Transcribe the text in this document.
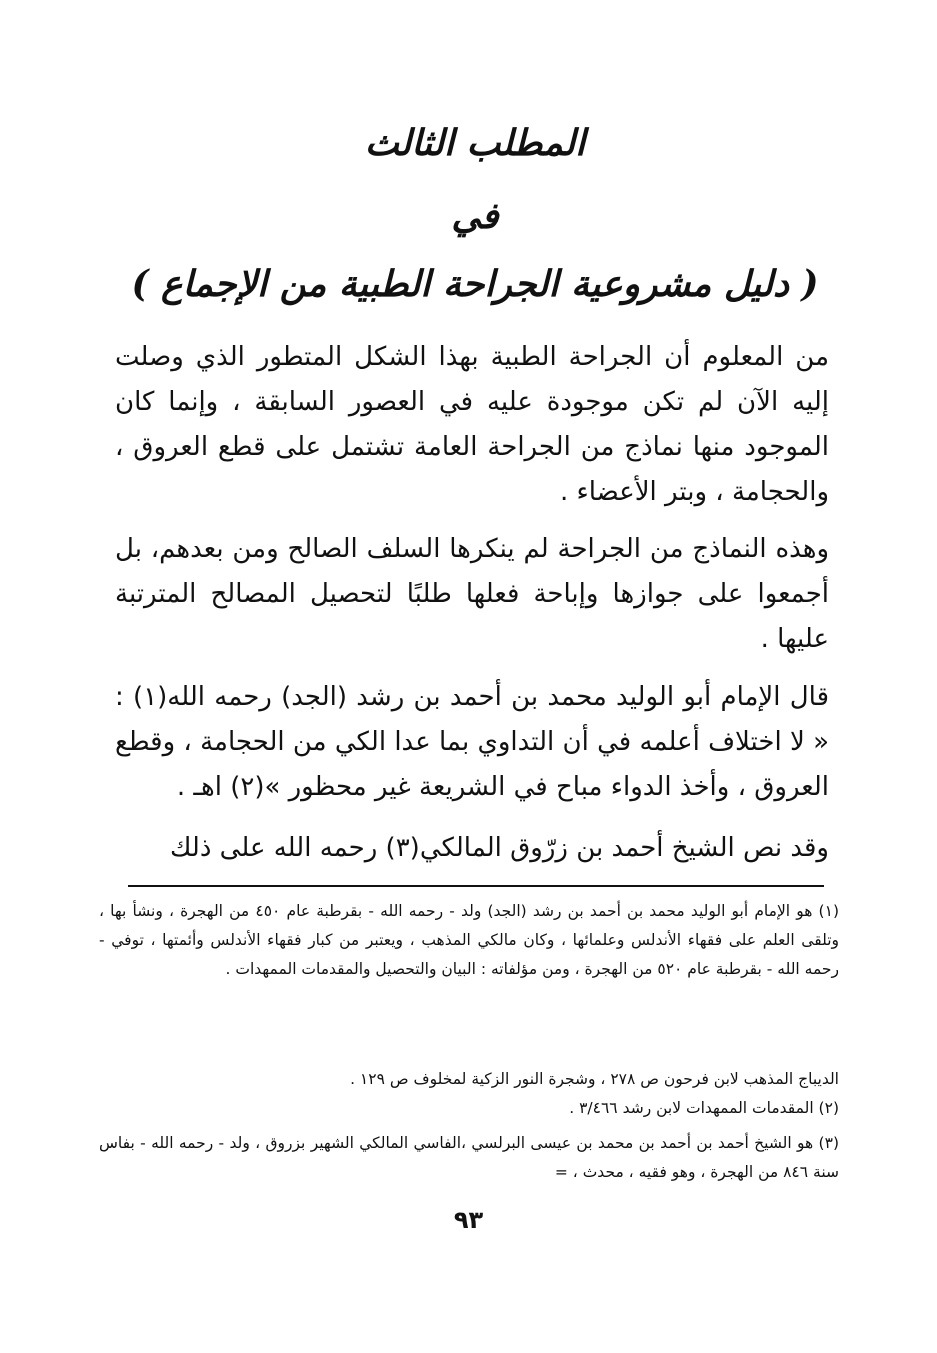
المطلب الثالث
في
( دليل مشروعية الجراحة الطبية من الإجماع )
من المعلوم أن الجراحة الطبية بهذا الشكل المتطور الذي وصلت إليه الآن لم تكن موجودة عليه في العصور السابقة ، وإنما كان الموجود منها نماذج من الجراحة العامة تشتمل على قطع العروق ، والحجامة ، وبتر الأعضاء .
وهذه النماذج من الجراحة لم ينكرها السلف الصالح ومن بعدهم، بل أجمعوا على جوازها وإباحة فعلها طلبًا لتحصيل المصالح المترتبة عليها .
قال الإمام أبو الوليد محمد بن أحمد بن رشد (الجد) رحمه الله(١) : « لا اختلاف أعلمه في أن التداوي بما عدا الكي من الحجامة ، وقطع العروق ، وأخذ الدواء مباح في الشريعة غير محظور »(٢) اهـ .
وقد نص الشيخ أحمد بن زرّوق المالكي(٣) رحمه الله على ذلك
(١) هو الإمام أبو الوليد محمد بن أحمد بن رشد (الجد) ولد - رحمه الله - بقرطبة عام ٤٥٠ من الهجرة ، ونشأ بها ، وتلقى العلم على فقهاء الأندلس وعلمائها ، وكان مالكي المذهب ، ويعتبر من كبار فقهاء الأندلس وأئمتها ، توفي - رحمه الله - بقرطبة عام ٥٢٠ من الهجرة ، ومن مؤلفاته : البيان والتحصيل والمقدمات الممهدات .
الديباج المذهب لابن فرحون ص ٢٧٨ ، وشجرة النور الزكية لمخلوف ص ١٢٩ .
(٢) المقدمات الممهدات لابن رشد ٣/٤٦٦ .
(٣) هو الشيخ أحمد بن أحمد بن محمد بن عيسى البرلسي ،الفاسي المالكي الشهير بزروق ، ولد - رحمه الله - بفاس سنة ٨٤٦ من الهجرة ، وهو فقيه ، محدث ، =
٩٣
